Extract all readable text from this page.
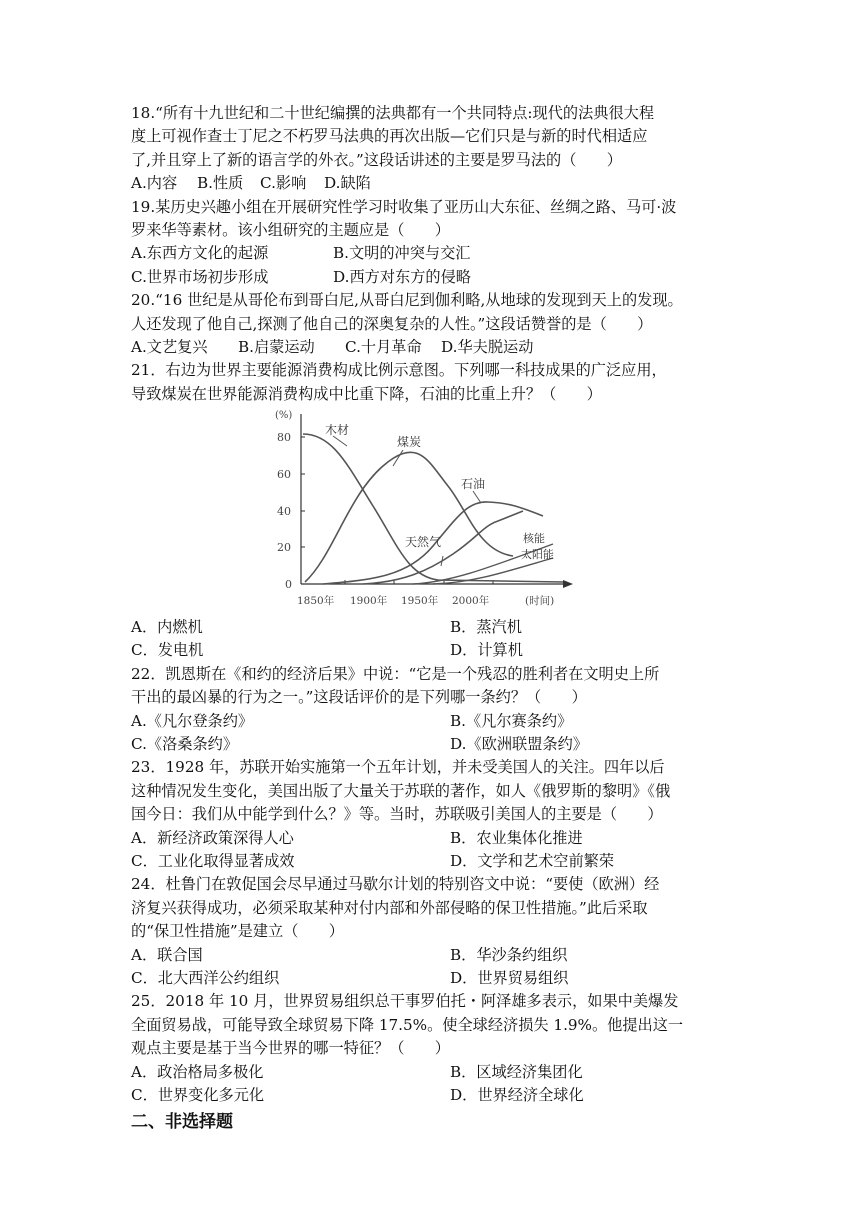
18.“所有十九世纪和二十世纪编撰的法典都有一个共同特点:现代的法典很大程
度上可视作查士丁尼之不朽罗马法典的再次出版—它们只是与新的时代相适应
了,并且穿上了新的语言学的外衣。”这段话讲述的主要是罗马法的（　　）
A.内容	B.性质	C.影响	D.缺陷
19.某历史兴趣小组在开展研究性学习时收集了亚历山大东征、丝绸之路、马可·波
罗来华等素材。该小组研究的主题应是（　　）
A.东西方文化的起源	B.文明的冲突与交汇
C.世界市场初步形成	D.西方对东方的侵略
20.“16 世纪是从哥伦布到哥白尼,从哥白尼到伽利略,从地球的发现到天上的发现。
人还发现了他自己,探测了他自己的深奥复杂的人性。”这段话赞誉的是（　　）
A.文艺复兴	B.启蒙运动	C.十月革命	D.华夫脱运动
21．右边为世界主要能源消费构成比例示意图。下列哪一科技成果的广泛应用，
导致煤炭在世界能源消费构成中比重下降，石油的比重上升？（　　）
(%)
80
60
40
20
0
1850年 1900年 1950年 2000年	(时间)
木材
煤炭
石油
天然气	核能
太阳能
A．内燃机	B．蒸汽机
C．发电机	D．计算机
22．凯恩斯在《和约的经济后果》中说：“它是一个残忍的胜利者在文明史上所
干出的最凶暴的行为之一。”这段话评价的是下列哪一条约？（　　）
A.《凡尔登条约》	B.《凡尔赛条约》
C.《洛桑条约》	D.《欧洲联盟条约》
23．1928 年，苏联开始实施第一个五年计划，并未受美国人的关注。四年以后
这种情况发生变化，美国出版了大量关于苏联的著作，如人《俄罗斯的黎明》《俄
国今日：我们从中能学到什么？》等。当时，苏联吸引美国人的主要是（　　）
A．新经济政策深得人心	B．农业集体化推进
C．工业化取得显著成效	D．文学和艺术空前繁荣
24．杜鲁门在敦促国会尽早通过马歇尔计划的特别咨文中说：“要使（欧洲）经
济复兴获得成功，必须采取某种对付内部和外部侵略的保卫性措施。”此后采取
的“保卫性措施”是建立（　　）
A．联合国	B．华沙条约组织
C．北大西洋公约组织	D．世界贸易组织
25．2018 年 10 月，世界贸易组织总干事罗伯托・阿泽雄多表示，如果中美爆发
全面贸易战，可能导致全球贸易下降 17.5%。使全球经济损失 1.9%。他提出这一
观点主要是基于当今世界的哪一特征？（　　）
A．政治格局多极化	B．区域经济集团化
C．世界变化多元化	D．世界经济全球化
二、非选择题
